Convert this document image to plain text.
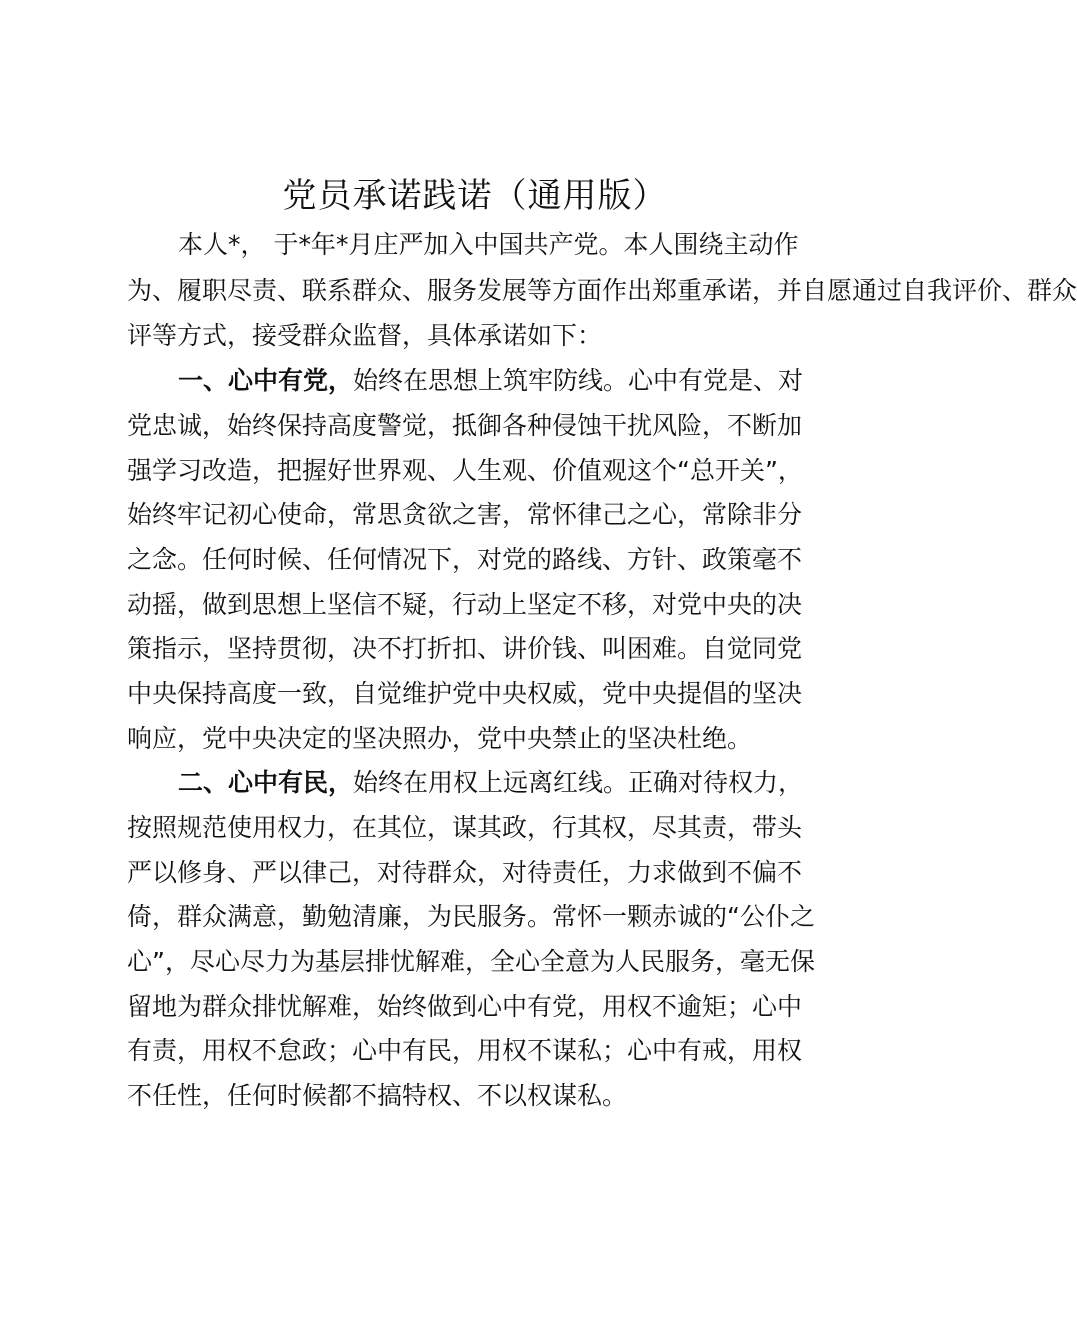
党员承诺践诺（通用版）
本人*， 于*年*月庄严加入中国共产党。本人围绕主动作
为、履职尽责、联系群众、服务发展等方面作出郑重承诺，并自愿通过自我评价、群众
评等方式，接受群众监督，具体承诺如下：
一、心中有党，始终在思想上筑牢防线。心中有党是、对
党忠诚，始终保持高度警觉，抵御各种侵蚀干扰风险，不断加
强学习改造，把握好世界观、人生观、价值观这个“总开关”，
始终牢记初心使命，常思贪欲之害，常怀律己之心，常除非分
之念。任何时候、任何情况下，对党的路线、方针、政策毫不
动摇，做到思想上坚信不疑，行动上坚定不移，对党中央的决
策指示，坚持贯彻，决不打折扣、讲价钱、叫困难。自觉同党
中央保持高度一致，自觉维护党中央权威，党中央提倡的坚决
响应，党中央决定的坚决照办，党中央禁止的坚决杜绝。
二、心中有民，始终在用权上远离红线。正确对待权力，
按照规范使用权力，在其位，谋其政，行其权，尽其责，带头
严以修身、严以律己，对待群众，对待责任，力求做到不偏不
倚，群众满意，勤勉清廉，为民服务。常怀一颗赤诚的“公仆之
心”，尽心尽力为基层排忧解难，全心全意为人民服务，毫无保
留地为群众排忧解难，始终做到心中有党，用权不逾矩；心中
有责，用权不怠政；心中有民，用权不谋私；心中有戒，用权
不任性，任何时候都不搞特权、不以权谋私。
